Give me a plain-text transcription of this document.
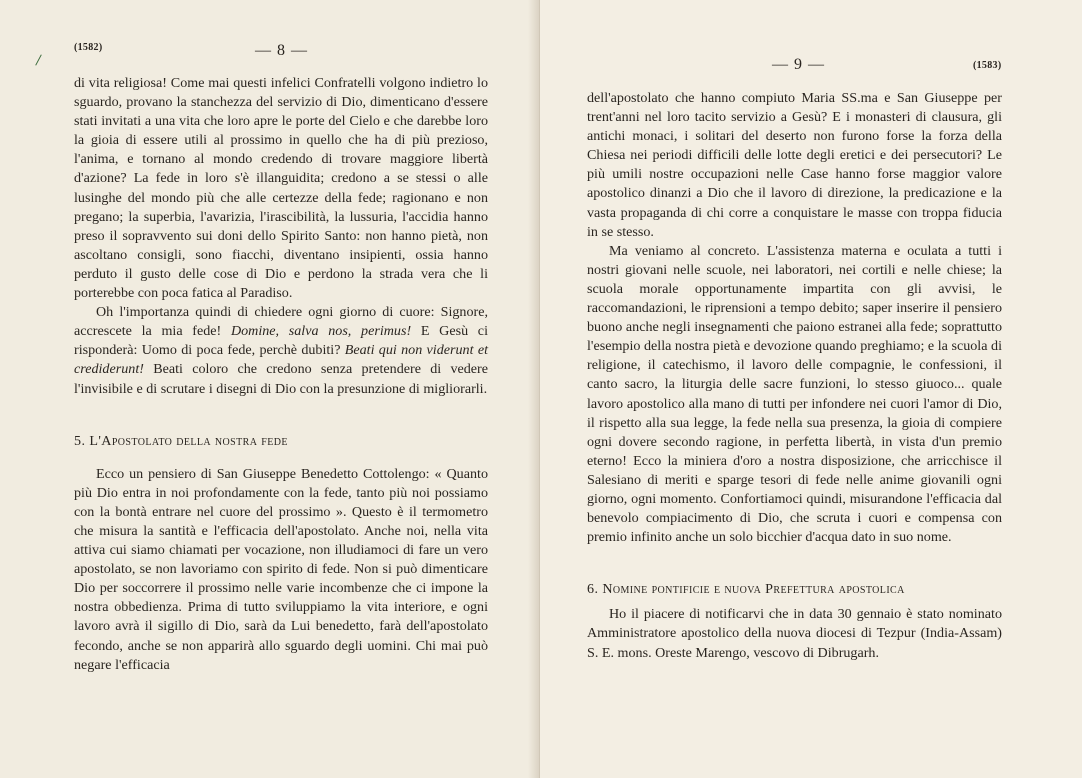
(1582)	— 8 —

di vita religiosa! Come mai questi infelici Confratelli volgono indietro lo sguardo, provano la stanchezza del servizio di Dio, dimenticano d'essere stati invitati a una vita che loro apre le porte del Cielo e che darebbe loro la gioia di essere utili al prossimo in quello che ha di più prezioso, l'anima, e tornano al mondo credendo di trovare maggiore libertà d'azione? La fede in loro s'è illanguidita; credono a se stessi o alle lusinghe del mondo più che alle certezze della fede; ragionano e non pregano; la superbia, l'avarizia, l'irascibilità, la lussuria, l'accidia hanno preso il sopravvento sui doni dello Spirito Santo: non hanno pietà, non ascoltano consigli, sono fiacchi, diventano insipienti, ossia hanno perduto il gusto delle cose di Dio e perdono la strada vera che li porterebbe con poca fatica al Paradiso.

Oh l'importanza quindi di chiedere ogni giorno di cuore: Signore, accrescete la mia fede! Domine, salva nos, perimus! E Gesù ci risponderà: Uomo di poca fede, perchè dubiti? Beati qui non viderunt et crediderunt! Beati coloro che credono senza pretendere di vedere l'invisibile e di scrutare i disegni di Dio con la presunzione di migliorarli.

5. L'Apostolato della nostra fede

Ecco un pensiero di San Giuseppe Benedetto Cottolengo: « Quanto più Dio entra in noi profondamente con la fede, tanto più noi possiamo con la bontà entrare nel cuore del prossimo ». Questo è il termometro che misura la santità e l'efficacia dell'apostolato. Anche noi, nella vita attiva cui siamo chiamati per vocazione, non illudiamoci di fare un vero apostolato, se non lavoriamo con spirito di fede. Non si può dimenticare Dio per soccorrere il prossimo nelle varie incombenze che ci impone la nostra obbedienza. Prima di tutto sviluppiamo la vita interiore, e ogni lavoro avrà il sigillo di Dio, sarà da Lui benedetto, farà dell'apostolato fecondo, anche se non apparirà allo sguardo degli uomini. Chi mai può negare l'efficacia

— 9 —	(1583)

dell'apostolato che hanno compiuto Maria SS.ma e San Giuseppe per trent'anni nel loro tacito servizio a Gesù? E i monasteri di clausura, gli antichi monaci, i solitari del deserto non furono forse la forza della Chiesa nei periodi difficili delle lotte degli eretici e dei persecutori? Le più umili nostre occupazioni nelle Case hanno forse maggior valore apostolico dinanzi a Dio che il lavoro di direzione, la predicazione e la vasta propaganda di chi corre a conquistare le masse con troppa fiducia in se stesso.

Ma veniamo al concreto. L'assistenza materna e oculata a tutti i nostri giovani nelle scuole, nei laboratori, nei cortili e nelle chiese; la scuola morale opportunamente impartita con gli avvisi, le raccomandazioni, le riprensioni a tempo debito; saper inserire il pensiero buono anche negli insegnamenti che paiono estranei alla fede; soprattutto l'esempio della nostra pietà e devozione quando preghiamo; e la scuola di religione, il catechismo, il lavoro delle compagnie, le confessioni, il canto sacro, la liturgia delle sacre funzioni, lo stesso giuoco... quale lavoro apostolico alla mano di tutti per infondere nei cuori l'amor di Dio, il rispetto alla sua legge, la fede nella sua presenza, la gioia di compiere ogni dovere secondo ragione, in perfetta libertà, in vista d'un premio eterno! Ecco la miniera d'oro a nostra disposizione, che arricchisce il Salesiano di meriti e sparge tesori di fede nelle anime giovanili ogni giorno, ogni momento. Confortiamoci quindi, misurandone l'efficacia dal benevolo compiacimento di Dio, che scruta i cuori e compensa con premio infinito anche un solo bicchier d'acqua dato in suo nome.

6. Nomine pontificie e nuova Prefettura apostolica

Ho il piacere di notificarvi che in data 30 gennaio è stato nominato Amministratore apostolico della nuova diocesi di Tezpur (India-Assam) S. E. mons. Oreste Marengo, vescovo di Dibrugarh.
